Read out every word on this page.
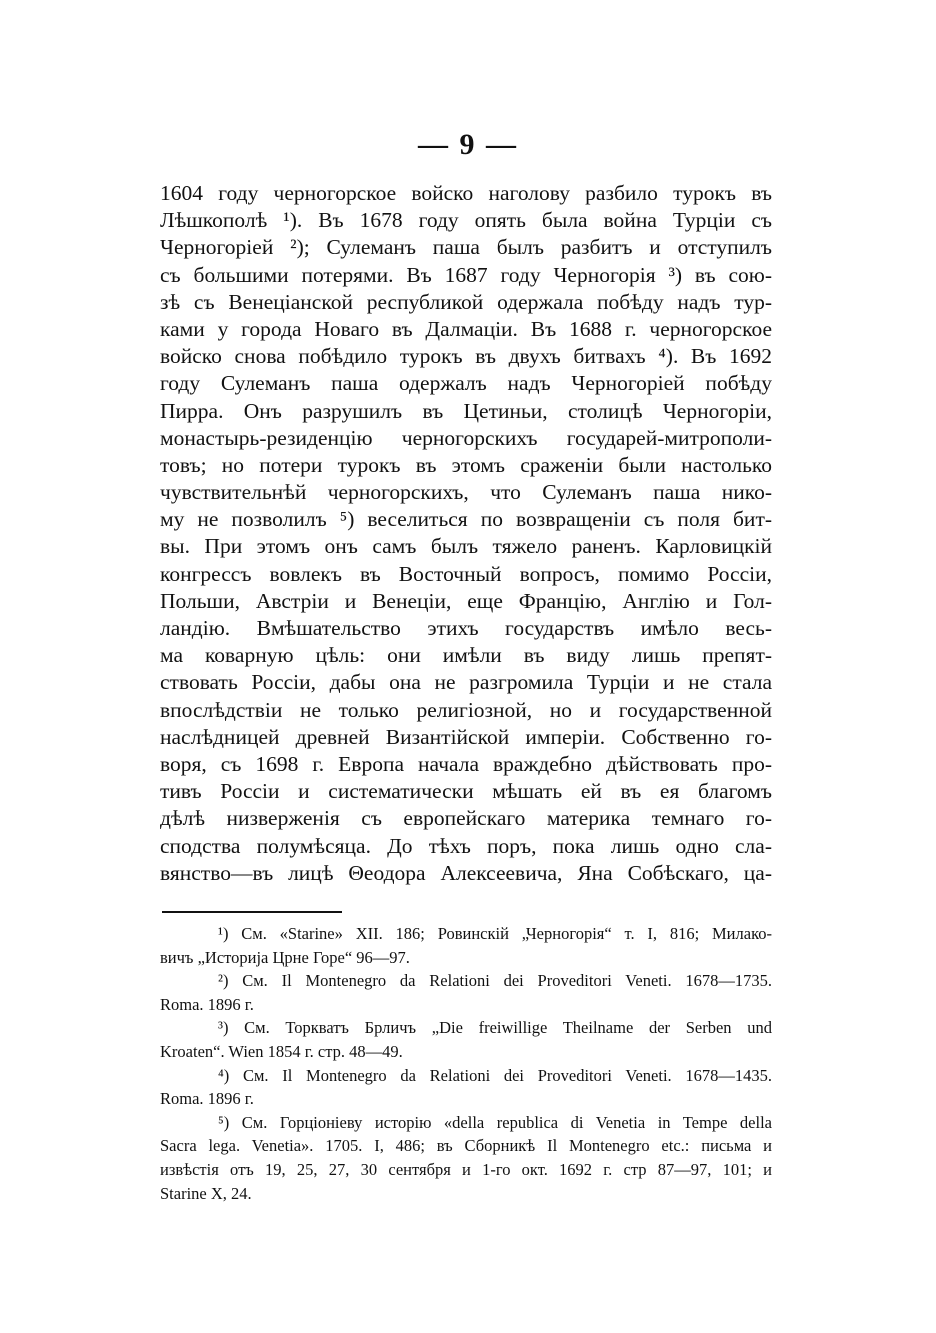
— 9 —
1604 году черногорское войско наголову разбило турокъ въ
Лѣшкополѣ ¹). Въ 1678 году опять была война Турціи съ
Черногоріей ²); Сулеманъ паша былъ разбитъ и отступилъ
съ большими потерями. Въ 1687 году Черногорія ³) въ сою-
зѣ съ Венеціанской республикой одержала побѣду надъ тур-
ками у города Новаго въ Далмаціи. Въ 1688 г. черногорское
войско снова побѣдило турокъ въ двухъ битвахъ ⁴). Въ 1692
году Сулеманъ паша одержалъ надъ Черногоріей побѣду
Пирра. Онъ разрушилъ въ Цетиньи, столицѣ Черногоріи,
монастырь-резиденцію черногорскихъ государей-митрополи-
товъ; но потери турокъ въ этомъ сраженіи были настолько
чувствительнѣй черногорскихъ, что Сулеманъ паша нико-
му не позволилъ ⁵) веселиться по возвращеніи съ поля бит-
вы. При этомъ онъ самъ былъ тяжело раненъ. Карловицкій
конгрессъ вовлекъ въ Восточный вопросъ, помимо Россіи,
Польши, Австріи и Венеціи, еще Францію, Англію и Гол-
ландію. Вмѣшательство этихъ государствъ имѣло весь-
ма коварную цѣль: они имѣли въ виду лишь препят-
ствовать Россіи, дабы она не разгромила Турціи и не стала
впослѣдствіи не только религіозной, но и государственной
наслѣдницей древней Византійской имперіи. Собственно го-
воря, съ 1698 г. Европа начала враждебно дѣйствовать про-
тивъ Россіи и систематически мѣшать ей въ ея благомъ
дѣлѣ низверженія съ европейскаго материка темнаго го-
сподства полумѣсяца. До тѣхъ поръ, пока лишь одно сла-
вянство—въ лицѣ Θеодора Алексеевича, Яна Собѣскаго, ца-
¹) См. «Starine» XII. 186; Ровинскій „Черногорія“ т. I, 816; Милако-
вичъ „Историја Црне Горе“ 96—97.
²) См. Il Montenegro da Relationi dei Proveditori Veneti. 1678—1735.
Roma. 1896 г.
³) См. Торкватъ Брличъ „Die freiwillige Theilname der Serben und
Kroaten“. Wien 1854 г. стр. 48—49.
⁴) См. Il Montenegro da Relationi dei Proveditori Veneti. 1678—1435.
Roma. 1896 г.
⁵) См. Горціоніеву исторію «della republica di Venetia in Tempe della
Sacra lega. Venetia». 1705. I, 486; въ Сборникѣ Il Montenegro etc.: письма и
извѣстія отъ 19, 25, 27, 30 сентября и 1-го окт. 1692 г. стр 87—97, 101; и
Starine X, 24.
